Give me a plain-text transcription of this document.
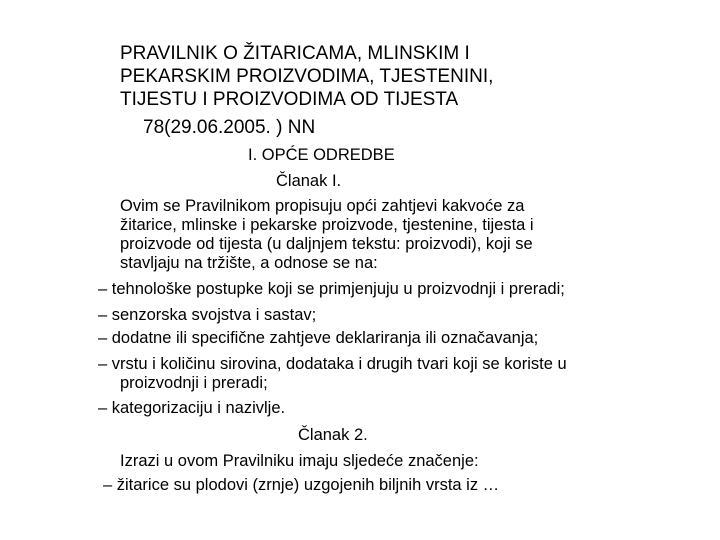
PRAVILNIK O ŽITARICAMA, MLINSKIM I
PEKARSKIM PROIZVODIMA, TJESTENINI,
TIJESTU I PROIZVODIMA OD TIJESTA
78(29.06.2005. ) NN
I. OPĆE ODREDBE
Članak I.
Ovim se Pravilnikom propisuju opći zahtjevi kakvoće za
žitarice, mlinske i pekarske proizvode, tjestenine, tijesta i
proizvode od tijesta (u daljnjem tekstu: proizvodi), koji se
stavljaju na tržište, a odnose se na:
– tehnološke postupke koji se primjenjuju u proizvodnji i preradi;
– senzorska svojstva i sastav;
– dodatne ili specifične zahtjeve deklariranja ili označavanja;
– vrstu i količinu sirovina, dodataka i drugih tvari koji se koriste u
proizvodnji i preradi;
– kategorizaciju i nazivlje.
Članak 2.
Izrazi u ovom Pravilniku imaju sljedeće značenje:
– žitarice su plodovi (zrnje) uzgojenih biljnih vrsta iz …
